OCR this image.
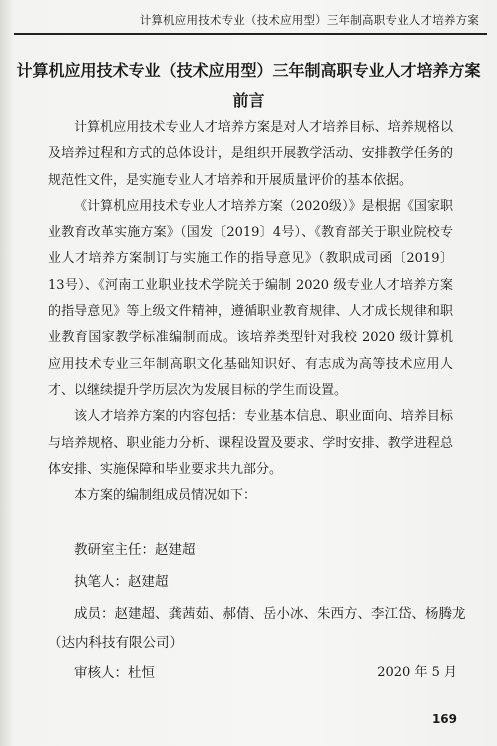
计算机应用技术专业（技术应用型）三年制高职专业人才培养方案
计算机应用技术专业（技术应用型）三年制高职专业人才培养方案
前言

计算机应用技术专业人才培养方案是对人才培养目标、培养规格以及培养过程和方式的总体设计，是组织开展教学活动、安排教学任务的规范性文件，是实施专业人才培养和开展质量评价的基本依据。

《计算机应用技术专业人才培养方案（2020级）》是根据《国家职业教育改革实施方案》（国发〔2019〕4号）、《教育部关于职业院校专业人才培养方案制订与实施工作的指导意见》（教职成司函〔2019〕13号）、《河南工业职业技术学院关于编制 2020 级专业人才培养方案的指导意见》等上级文件精神，遵循职业教育规律、人才成长规律和职业教育国家教学标准编制而成。该培养类型针对我校 2020 级计算机应用技术专业三年制高职文化基础知识好、有志成为高等技术应用人才、以继续提升学历层次为发展目标的学生而设置。

该人才培养方案的内容包括：专业基本信息、职业面向、培养目标与培养规格、职业能力分析、课程设置及要求、学时安排、教学进程总体安排、实施保障和毕业要求共九部分。

本方案的编制组成员情况如下：

教研室主任：赵建超
执笔人：赵建超
成员：赵建超、龚茜茹、郝倩、岳小冰、朱西方、李江岱、杨腾龙
（达内科技有限公司）
审核人：杜恒	2020 年 5 月
169
